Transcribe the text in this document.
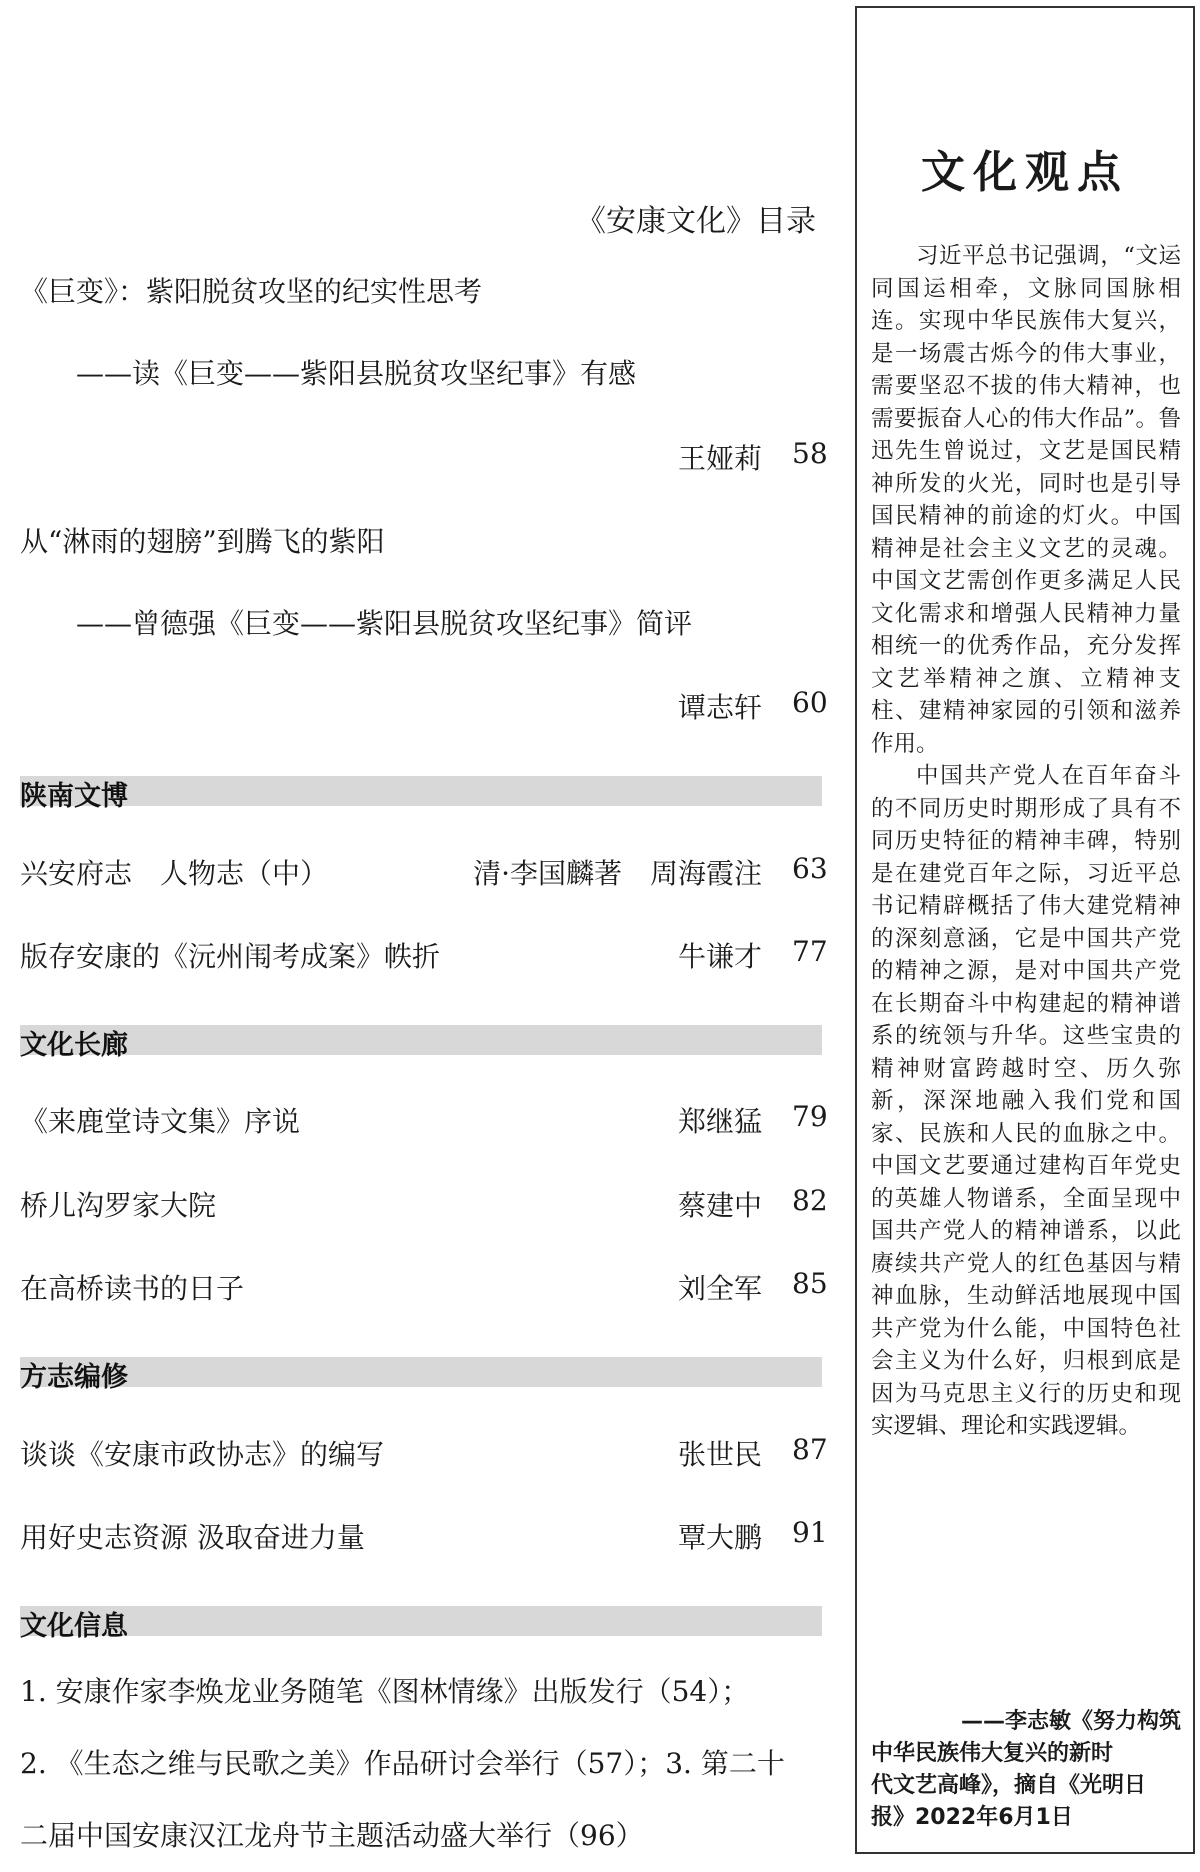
《安康文化》目录
《巨变》：紫阳脱贫攻坚的纪实性思考
——读《巨变——紫阳县脱贫攻坚纪事》有感
王娅莉 58
从“淋雨的翅膀”到腾飞的紫阳
——曾德强《巨变——紫阳县脱贫攻坚纪事》简评
谭志轩 60
陕南文博
兴安府志　人物志（中）	清·李国麟著　周海霞注 63
版存安康的《沅州闱考成案》帙折	牛谦才 77
文化长廊
《来鹿堂诗文集》序说	郑继猛 79
桥儿沟罗家大院	蔡建中 82
在高桥读书的日子	刘全军 85
方志编修
谈谈《安康市政协志》的编写	张世民 87
用好史志资源 汲取奋进力量	覃大鹏 91
文化信息
1. 安康作家李焕龙业务随笔《图林情缘》出版发行（54）；
2. 《生态之维与民歌之美》作品研讨会举行（57）；3. 第二十
二届中国安康汉江龙舟节主题活动盛大举行（96）
文化观点

习近平总书记强调，“文运同国运相牵，文脉同国脉相连。实现中华民族伟大复兴，是一场震古烁今的伟大事业，需要坚忍不拔的伟大精神，也需要振奋人心的伟大作品”。鲁迅先生曾说过，文艺是国民精神所发的火光，同时也是引导国民精神的前途的灯火。中国精神是社会主义文艺的灵魂。中国文艺需创作更多满足人民文化需求和增强人民精神力量相统一的优秀作品，充分发挥文艺举精神之旗、立精神支柱、建精神家园的引领和滋养作用。

中国共产党人在百年奋斗的不同历史时期形成了具有不同历史特征的精神丰碑，特别是在建党百年之际，习近平总书记精辟概括了伟大建党精神的深刻意涵，它是中国共产党的精神之源，是对中国共产党在长期奋斗中构建起的精神谱系的统领与升华。这些宝贵的精神财富跨越时空、历久弥新，深深地融入我们党和国家、民族和人民的血脉之中。中国文艺要通过建构百年党史的英雄人物谱系，全面呈现中国共产党人的精神谱系，以此赓续共产党人的红色基因与精神血脉，生动鲜活地展现中国共产党为什么能，中国特色社会主义为什么好，归根到底是因为马克思主义行的历史和现实逻辑、理论和实践逻辑。

——李志敏《努力构筑
中华民族伟大复兴的新时
代文艺高峰》，摘自《光明日
报》2022年6月1日
